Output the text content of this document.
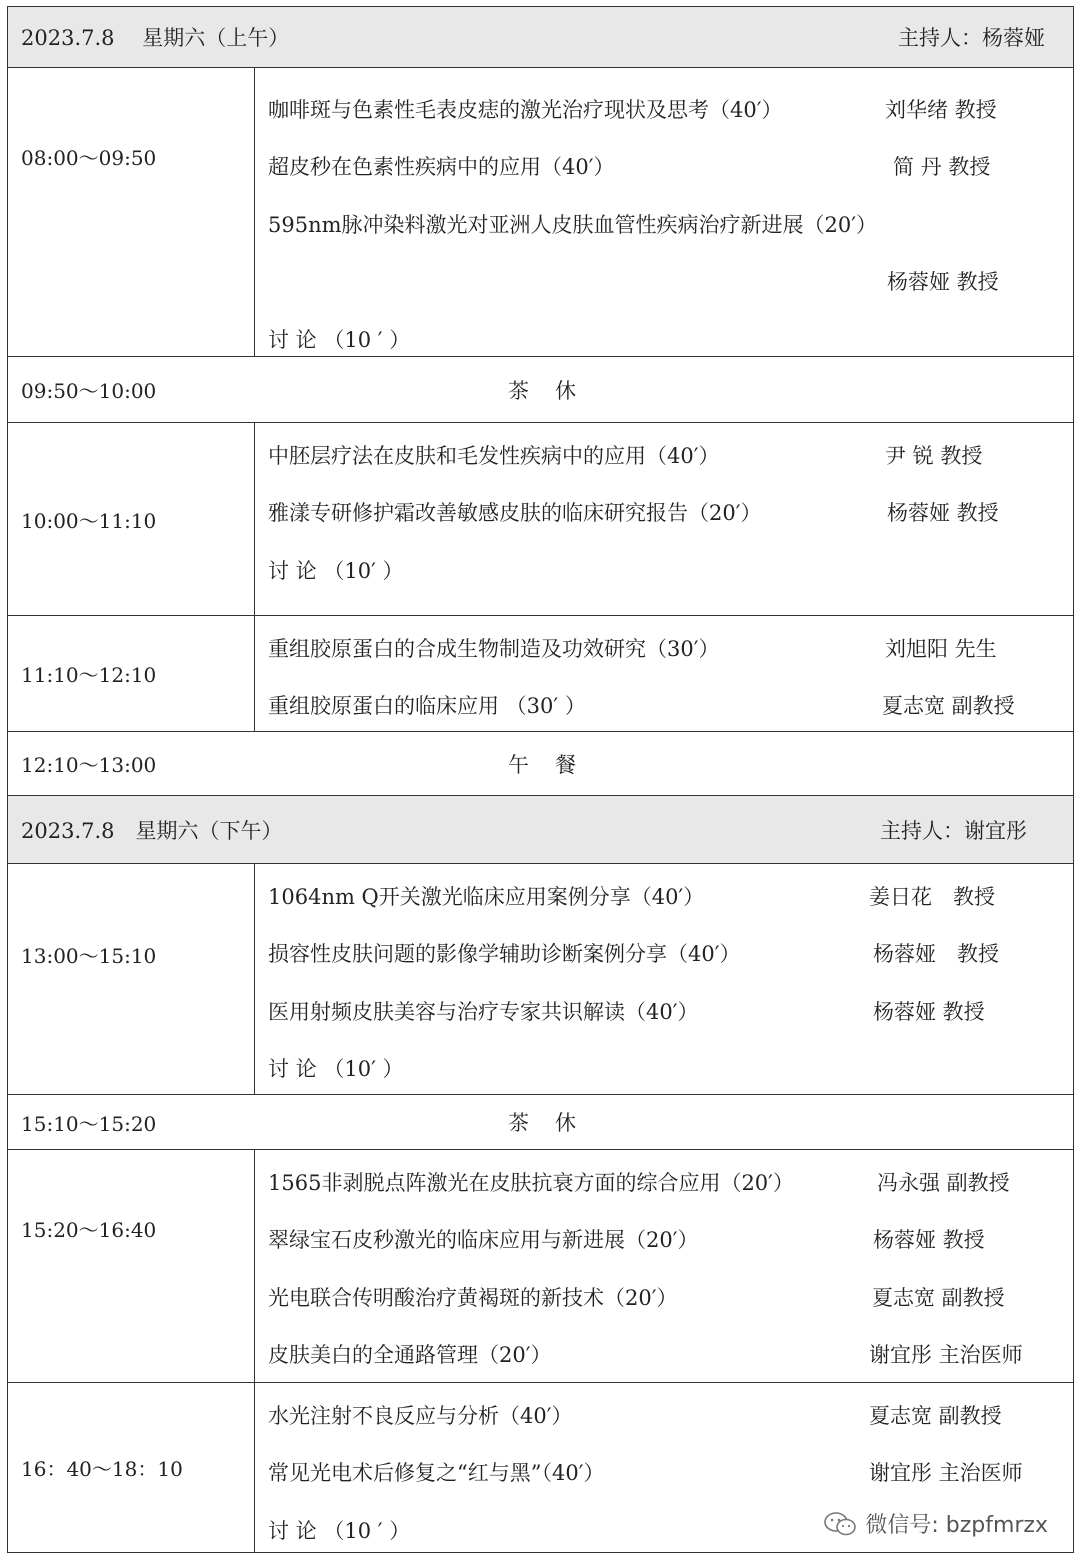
2023.7.8　 星期六（上午）	主持人：杨蓉娅
08:00～09:50
咖啡斑与色素性毛表皮痣的激光治疗现状及思考（40′）	刘华绪 教授
超皮秒在色素性疾病中的应用（40′）	简 丹 教授
595nm脉冲染料激光对亚洲人皮肤血管性疾病治疗新进展（20′）
杨蓉娅 教授
讨 论 （10 ′ ）
09:50～10:00	茶休
10:00～11:10
中胚层疗法在皮肤和毛发性疾病中的应用（40′）	尹 锐 教授
雅漾专研修护霜改善敏感皮肤的临床研究报告（20′）	杨蓉娅 教授
讨 论 （10′ ）
11:10～12:10
重组胶原蛋白的合成生物制造及功效研究（30′）	刘旭阳 先生
重组胶原蛋白的临床应用 （30′ ）	夏志宽 副教授
12:10～13:00	午餐
2023.7.8　星期六（下午）	主持人：谢宜彤
13:00～15:10
1064nm Q开关激光临床应用案例分享（40′）	姜日花　教授
损容性皮肤问题的影像学辅助诊断案例分享（40′）	杨蓉娅　教授
医用射频皮肤美容与治疗专家共识解读（40′）	杨蓉娅 教授
讨 论 （10′ ）
15:10～15:20	茶休
15:20～16:40
1565非剥脱点阵激光在皮肤抗衰方面的综合应用（20′）	冯永强 副教授
翠绿宝石皮秒激光的临床应用与新进展（20′）	杨蓉娅 教授
光电联合传明酸治疗黄褐斑的新技术（20′）	夏志宽 副教授
皮肤美白的全通路管理（20′）	谢宜彤 主治医师
16：40～18：10
水光注射不良反应与分析（40′）	夏志宽 副教授
常见光电术后修复之“红与黑”（40′）	谢宜彤 主治医师
讨 论 （10 ′ ）	微信号: bzpfmrzx
